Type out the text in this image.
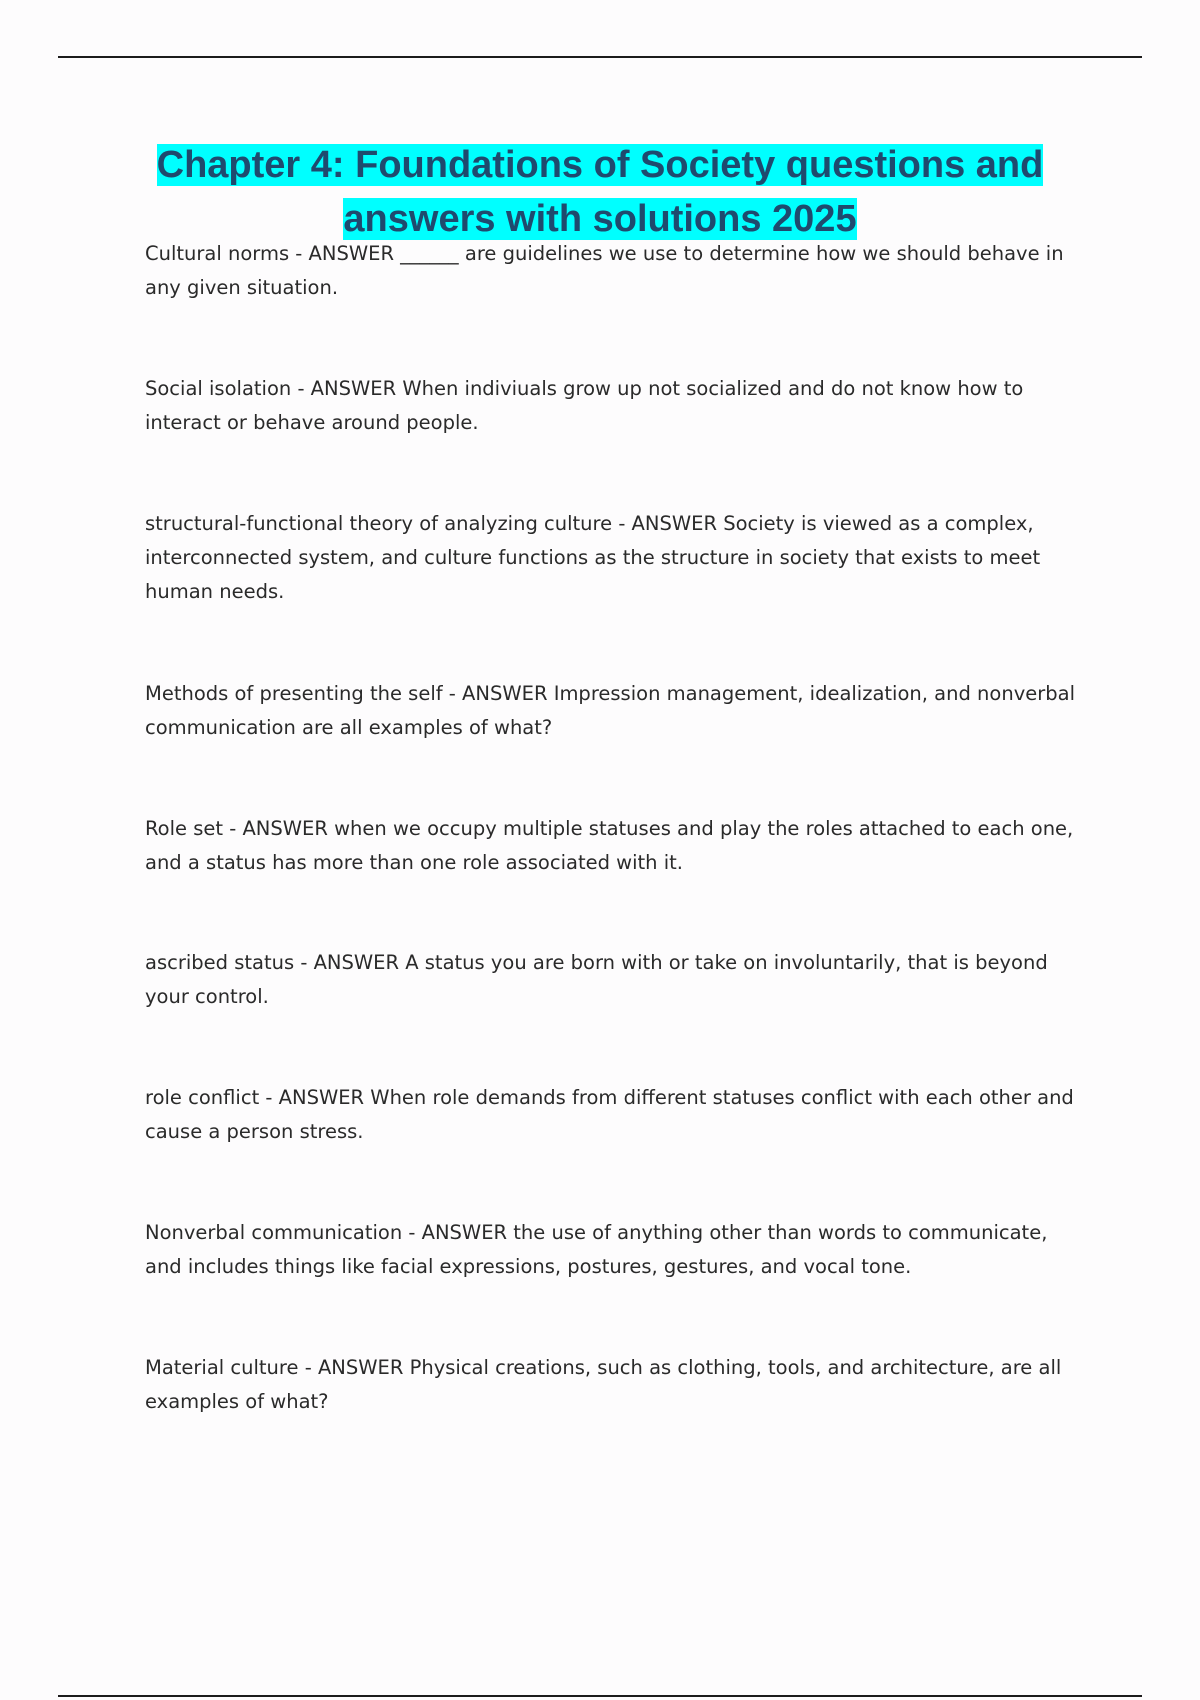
Chapter 4: Foundations of Society questions and answers with solutions 2025

Cultural norms - ANSWER ______ are guidelines we use to determine how we should behave in any given situation.

Social isolation - ANSWER When indiviuals grow up not socialized and do not know how to interact or behave around people.

structural-functional theory of analyzing culture - ANSWER Society is viewed as a complex, interconnected system, and culture functions as the structure in society that exists to meet human needs.

Methods of presenting the self - ANSWER Impression management, idealization, and nonverbal communication are all examples of what?

Role set - ANSWER when we occupy multiple statuses and play the roles attached to each one, and a status has more than one role associated with it.

ascribed status - ANSWER A status you are born with or take on involuntarily, that is beyond your control.

role conflict - ANSWER When role demands from different statuses conflict with each other and cause a person stress.

Nonverbal communication - ANSWER the use of anything other than words to communicate, and includes things like facial expressions, postures, gestures, and vocal tone.

Material culture - ANSWER Physical creations, such as clothing, tools, and architecture, are all examples of what?
